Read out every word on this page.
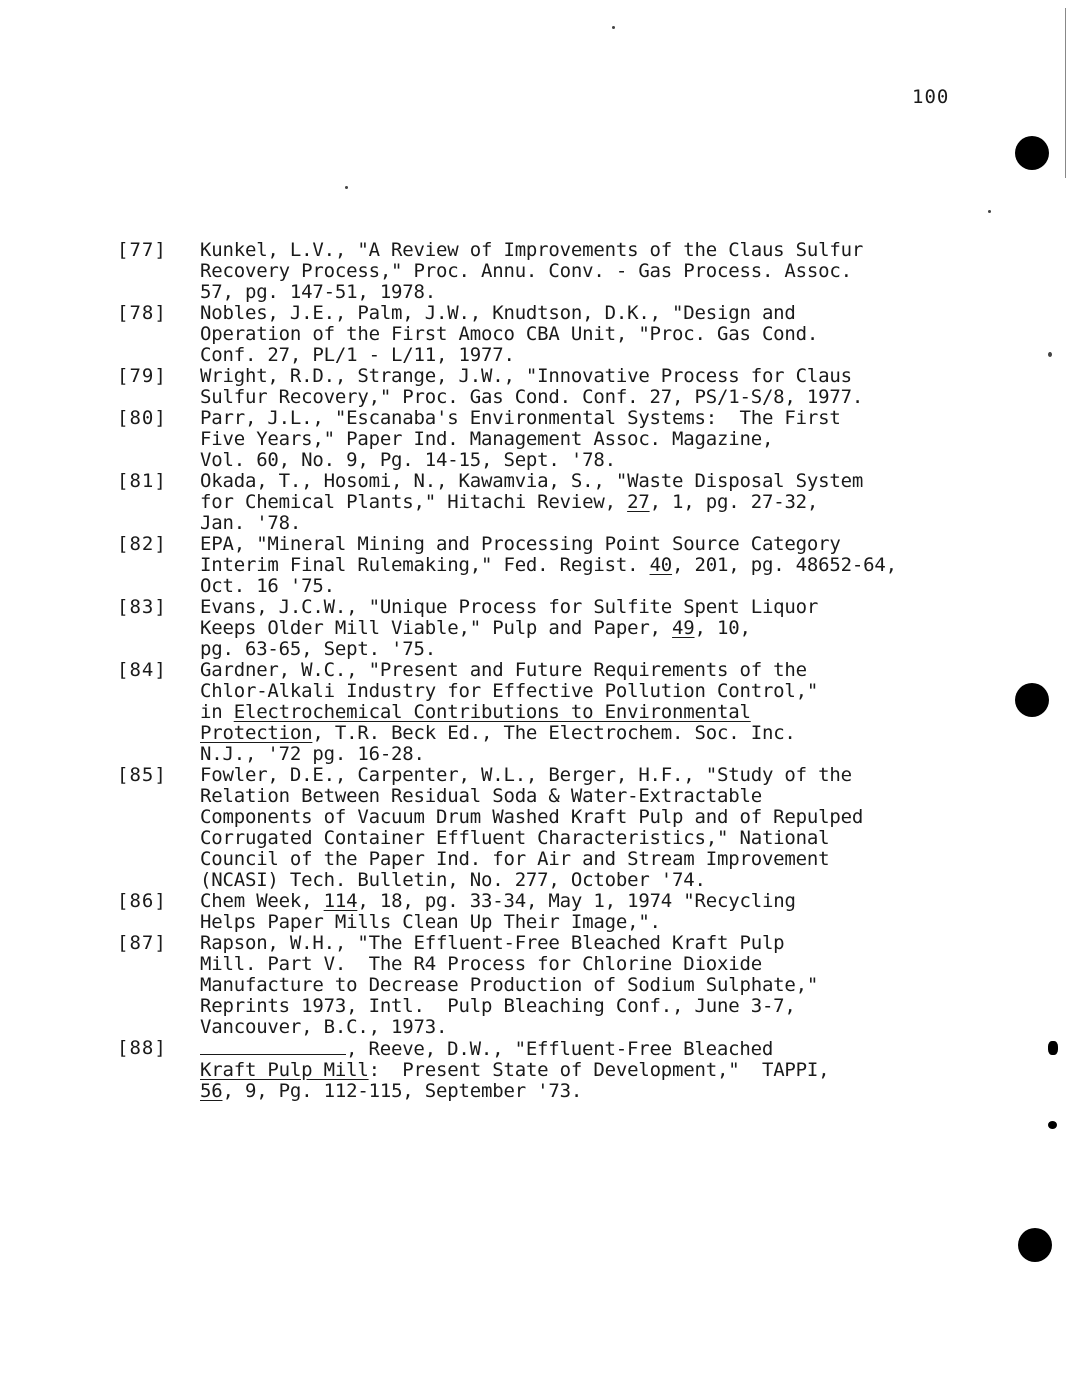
100
[77] Kunkel, L.V., "A Review of Improvements of the Claus Sulfur
Recovery Process," Proc. Annu. Conv. - Gas Process. Assoc.
57, pg. 147-51, 1978.
[78] Nobles, J.E., Palm, J.W., Knudtson, D.K., "Design and
Operation of the First Amoco CBA Unit, "Proc. Gas Cond.
Conf. 27, PL/1 - L/11, 1977.
[79] Wright, R.D., Strange, J.W., "Innovative Process for Claus
Sulfur Recovery," Proc. Gas Cond. Conf. 27, PS/1-S/8, 1977.
[80] Parr, J.L., "Escanaba's Environmental Systems:  The First
Five Years," Paper Ind. Management Assoc. Magazine,
Vol. 60, No. 9, Pg. 14-15, Sept. '78.
[81] Okada, T., Hosomi, N., Kawamvia, S., "Waste Disposal System
for Chemical Plants," Hitachi Review, 27, 1, pg. 27-32,
Jan. '78.
[82] EPA, "Mineral Mining and Processing Point Source Category
Interim Final Rulemaking," Fed. Regist. 40, 201, pg. 48652-64,
Oct. 16 '75.
[83] Evans, J.C.W., "Unique Process for Sulfite Spent Liquor
Keeps Older Mill Viable," Pulp and Paper, 49, 10,
pg. 63-65, Sept. '75.
[84] Gardner, W.C., "Present and Future Requirements of the
Chlor-Alkali Industry for Effective Pollution Control,"
in Electrochemical Contributions to Environmental
Protection, T.R. Beck Ed., The Electrochem. Soc. Inc.
N.J., '72 pg. 16-28.
[85] Fowler, D.E., Carpenter, W.L., Berger, H.F., "Study of the
Relation Between Residual Soda & Water-Extractable
Components of Vacuum Drum Washed Kraft Pulp and of Repulped
Corrugated Container Effluent Characteristics," National
Council of the Paper Ind. for Air and Stream Improvement
(NCASI) Tech. Bulletin, No. 277, October '74.
[86] Chem Week, 114, 18, pg. 33-34, May 1, 1974 "Recycling
Helps Paper Mills Clean Up Their Image,".
[87] Rapson, W.H., "The Effluent-Free Bleached Kraft Pulp
Mill. Part V.  The R4 Process for Chlorine Dioxide
Manufacture to Decrease Production of Sodium Sulphate,"
Reprints 1973, Intl.  Pulp Bleaching Conf., June 3-7,
Vancouver, B.C., 1973.
[88]	, Reeve, D.W., "Effluent-Free Bleached
Kraft Pulp Mill:  Present State of Development,"  TAPPI,
56, 9, Pg. 112-115, September '73.
